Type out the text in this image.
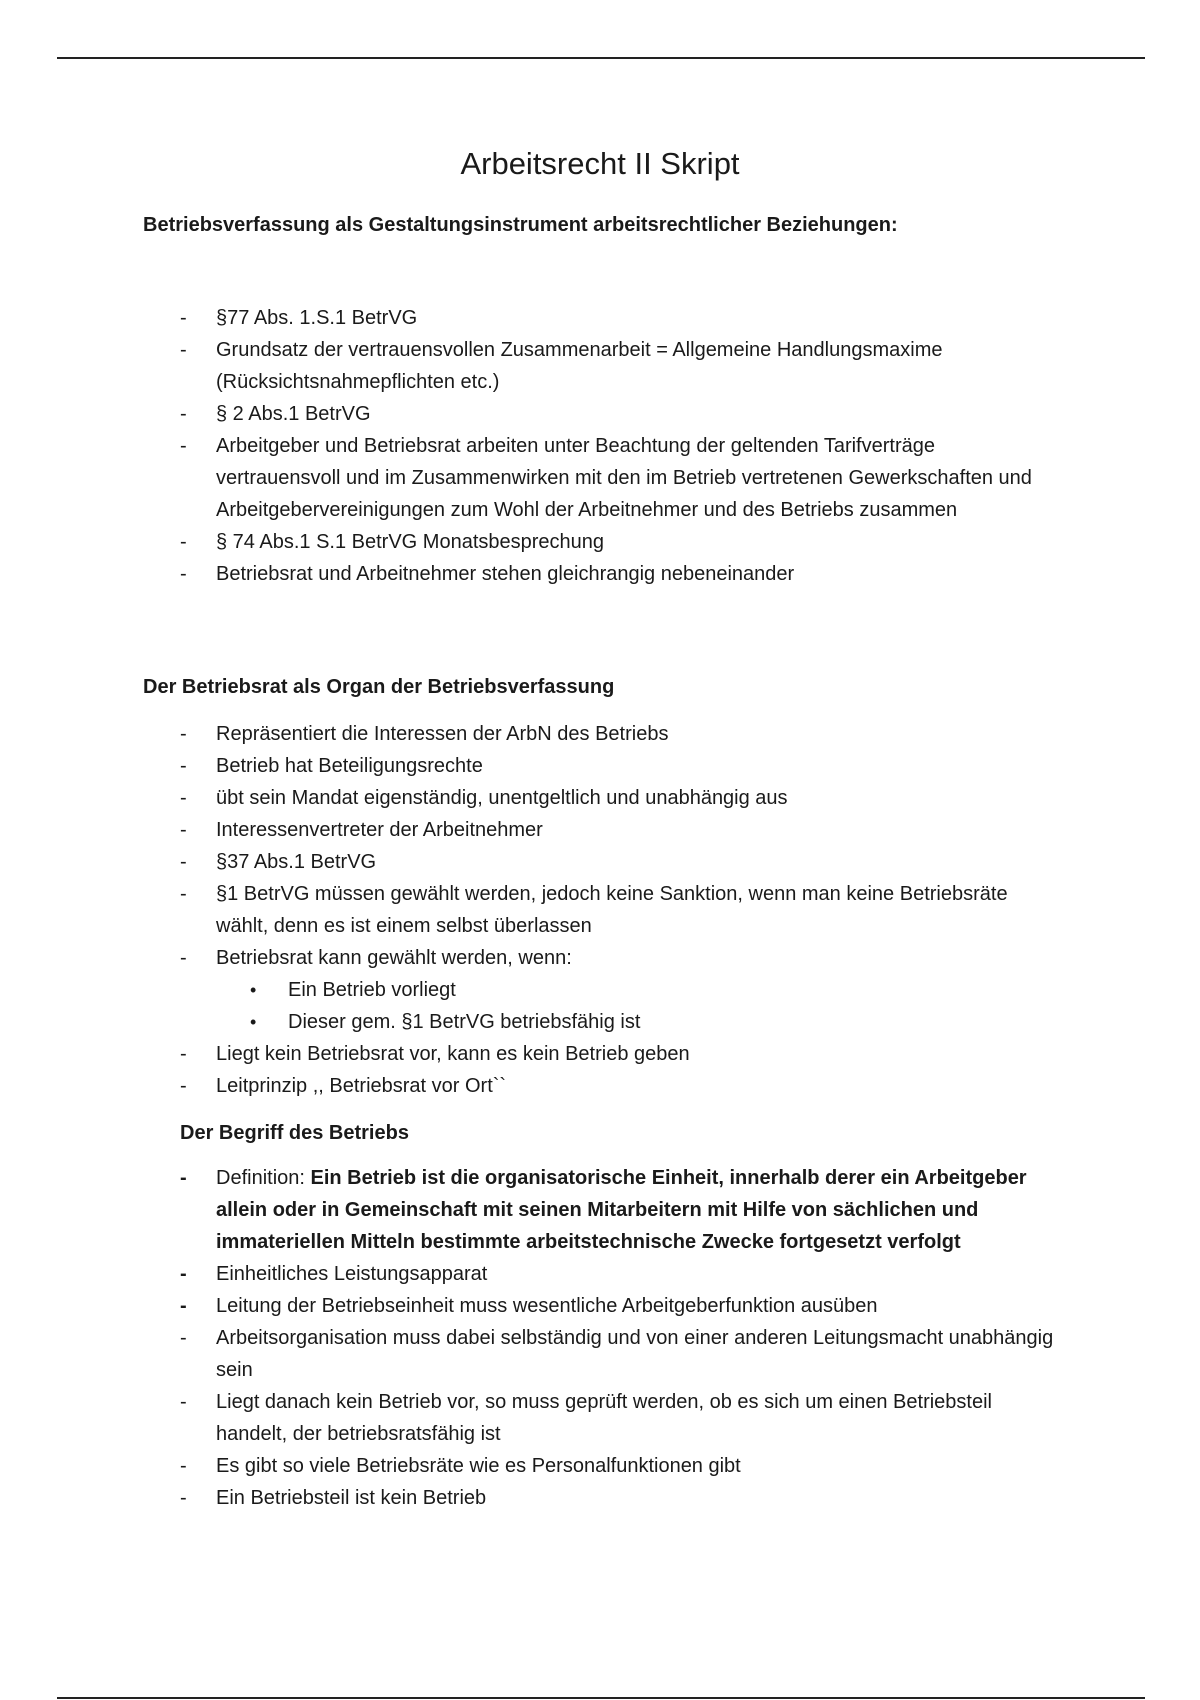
Arbeitsrecht II Skript
Betriebsverfassung als Gestaltungsinstrument arbeitsrechtlicher Beziehungen:
- §77 Abs. 1.S.1 BetrVG
- Grundsatz der vertrauensvollen Zusammenarbeit = Allgemeine Handlungsmaxime (Rücksichtsnahmepflichten etc.)
- § 2 Abs.1 BetrVG
- Arbeitgeber und Betriebsrat arbeiten unter Beachtung der geltenden Tarifverträge vertrauensvoll und im Zusammenwirken mit den im Betrieb vertretenen Gewerkschaften und Arbeitgebervereinigungen zum Wohl der Arbeitnehmer und des Betriebs zusammen
- § 74 Abs.1 S.1 BetrVG Monatsbesprechung
- Betriebsrat und Arbeitnehmer stehen gleichrangig nebeneinander
Der Betriebsrat als Organ der Betriebsverfassung
- Repräsentiert die Interessen der ArbN des Betriebs
- Betrieb hat Beteiligungsrechte
- übt sein Mandat eigenständig, unentgeltlich und unabhängig aus
- Interessenvertreter der Arbeitnehmer
- §37 Abs.1 BetrVG
- §1 BetrVG müssen gewählt werden, jedoch keine Sanktion, wenn man keine Betriebsräte wählt, denn es ist einem selbst überlassen
- Betriebsrat kann gewählt werden, wenn:
• Ein Betrieb vorliegt
• Dieser gem. §1 BetrVG betriebsfähig ist
- Liegt kein Betriebsrat vor, kann es kein Betrieb geben
- Leitprinzip ,, Betriebsrat vor Ort``
Der Begriff des Betriebs
- Definition: Ein Betrieb ist die organisatorische Einheit, innerhalb derer ein Arbeitgeber allein oder in Gemeinschaft mit seinen Mitarbeitern mit Hilfe von sächlichen und immateriellen Mitteln bestimmte arbeitstechnische Zwecke fortgesetzt verfolgt
- Einheitliches Leistungsapparat
- Leitung der Betriebseinheit muss wesentliche Arbeitgeberfunktion ausüben
- Arbeitsorganisation muss dabei selbständig und von einer anderen Leitungsmacht unabhängig sein
- Liegt danach kein Betrieb vor, so muss geprüft werden, ob es sich um einen Betriebsteil handelt, der betriebsratsfähig ist
- Es gibt so viele Betriebsräte wie es Personalfunktionen gibt
- Ein Betriebsteil ist kein Betrieb
